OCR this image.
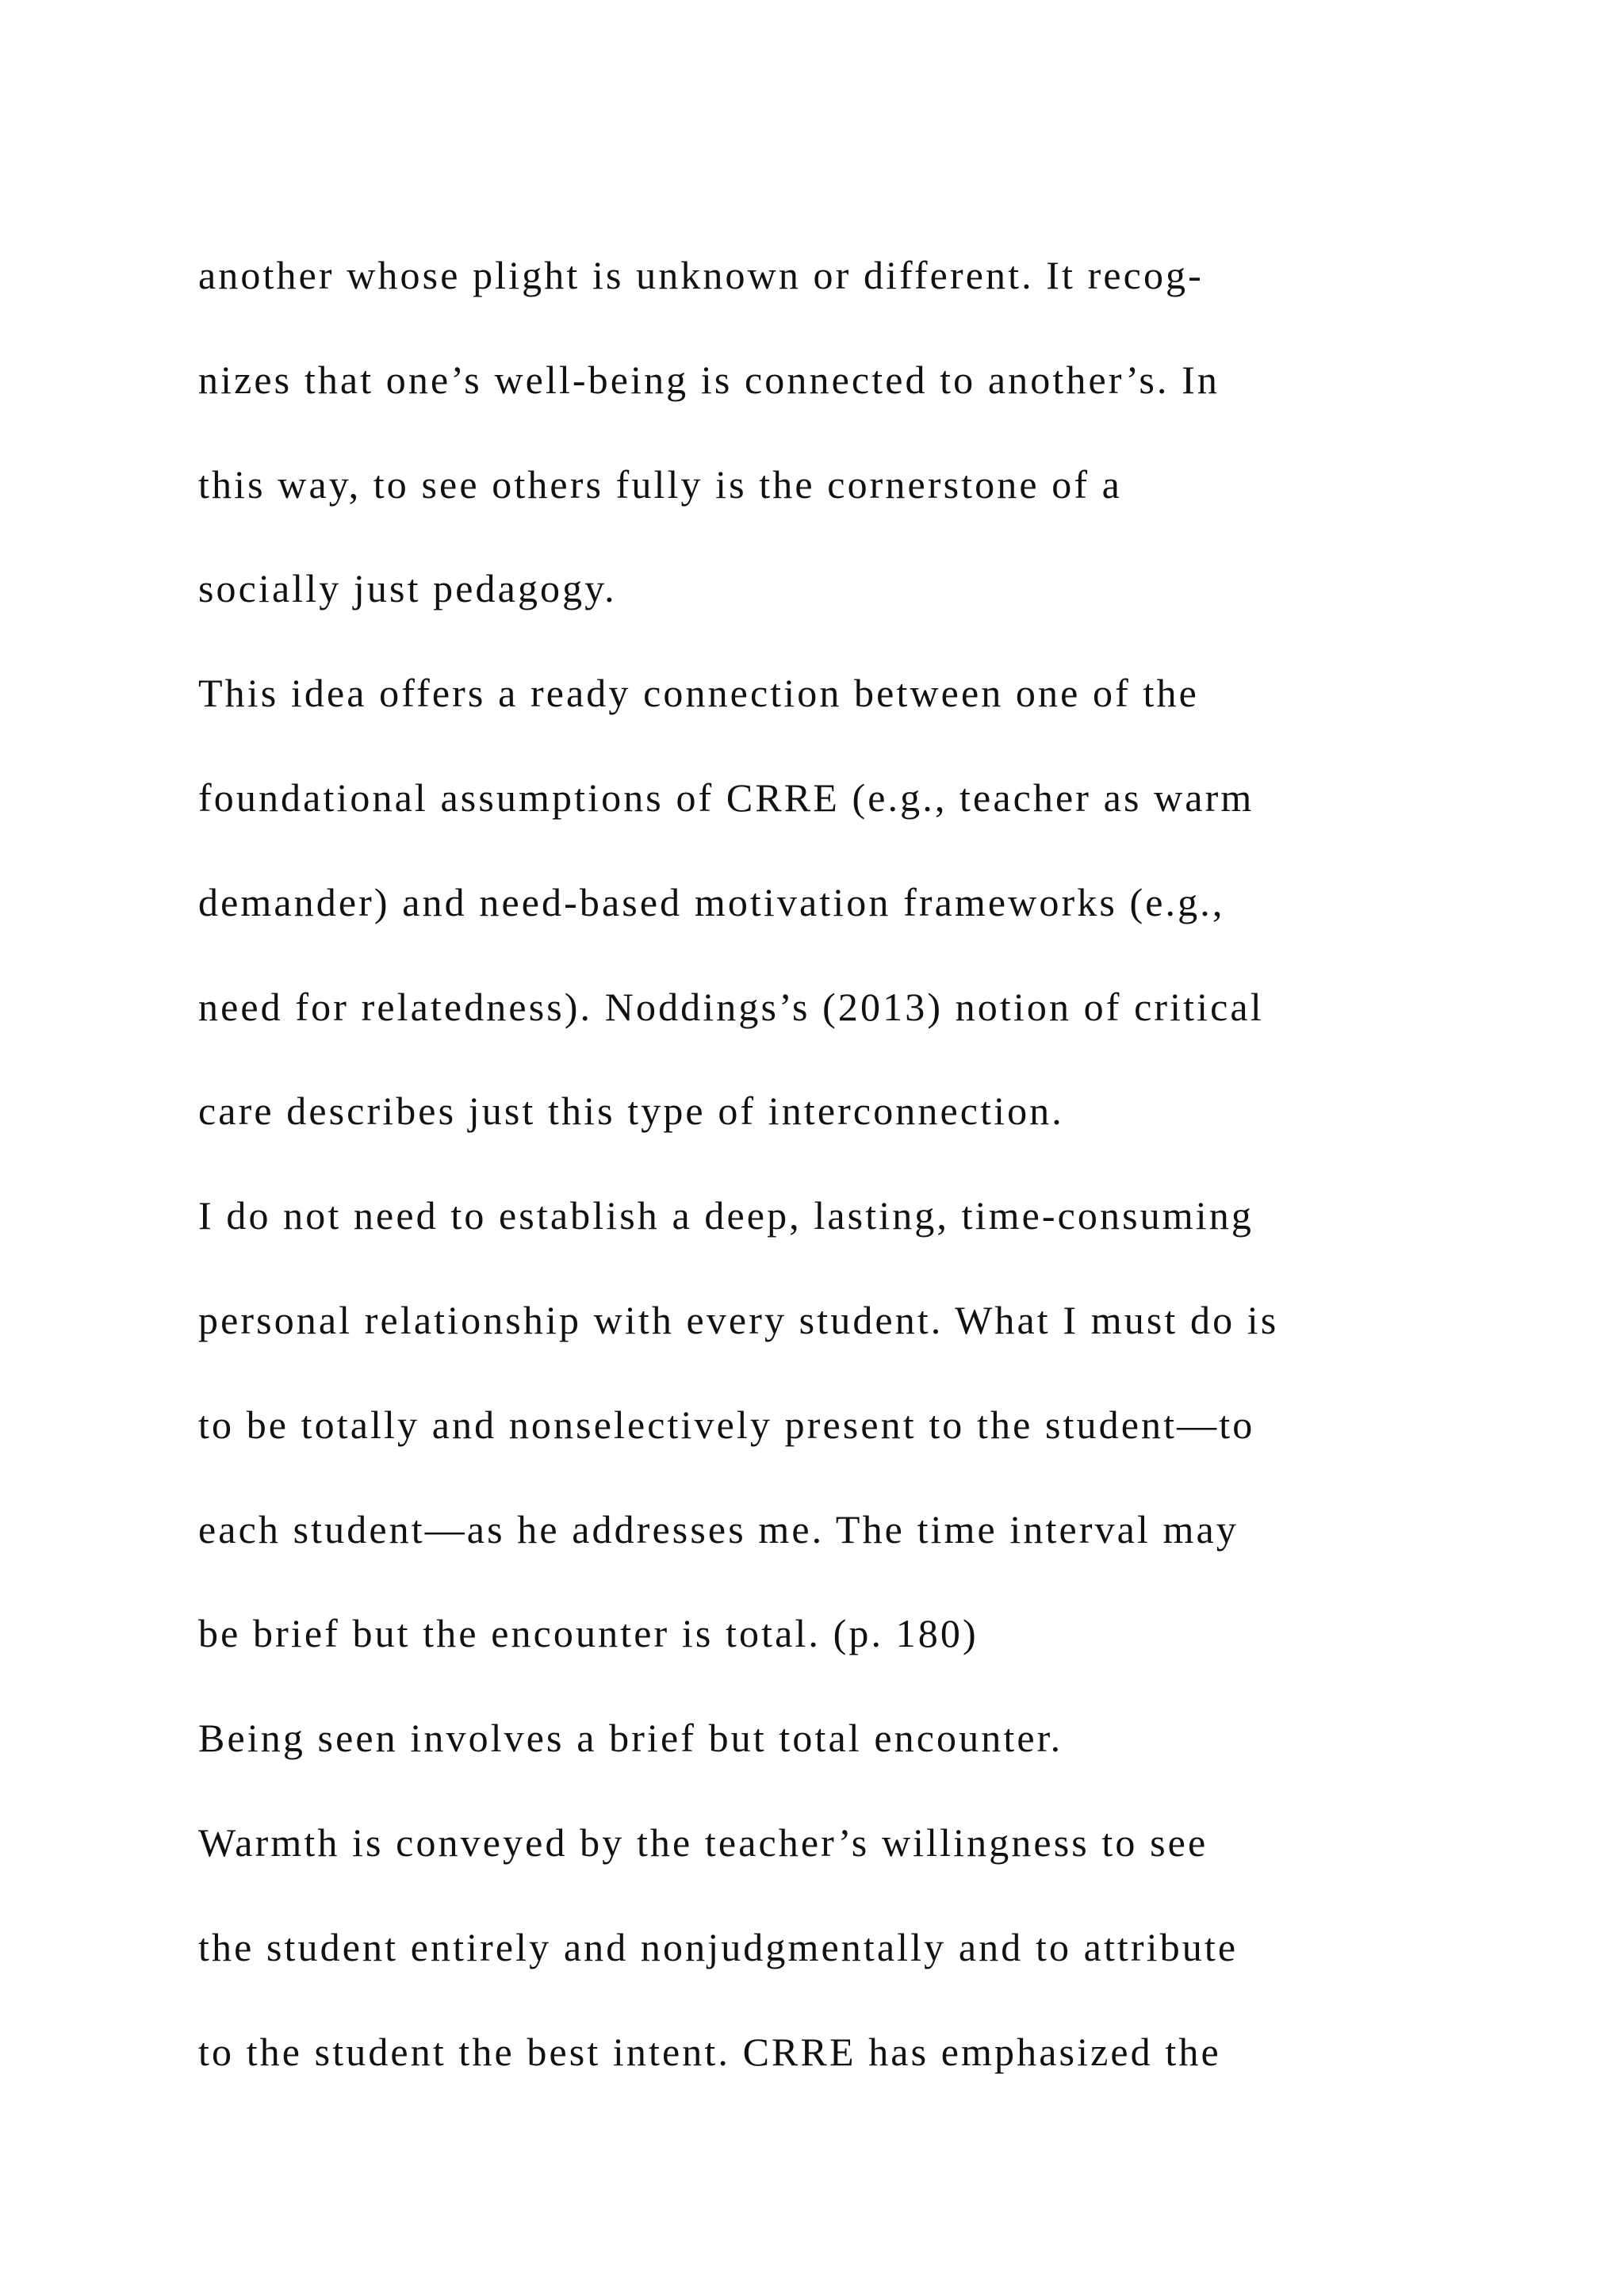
another whose plight is unknown or different. It recog-
nizes that one’s well-being is connected to another’s. In
this way, to see others fully is the cornerstone of a
socially just pedagogy.
This idea offers a ready connection between one of the
foundational assumptions of CRRE (e.g., teacher as warm
demander) and need-based motivation frameworks (e.g.,
need for relatedness). Noddings’s (2013) notion of critical
care describes just this type of interconnection.
I do not need to establish a deep, lasting, time-consuming
personal relationship with every student. What I must do is
to be totally and nonselectively present to the student—to
each student—as he addresses me. The time interval may
be brief but the encounter is total. (p. 180)
Being seen involves a brief but total encounter.
Warmth is conveyed by the teacher’s willingness to see
the student entirely and nonjudgmentally and to attribute
to the student the best intent. CRRE has emphasized the
